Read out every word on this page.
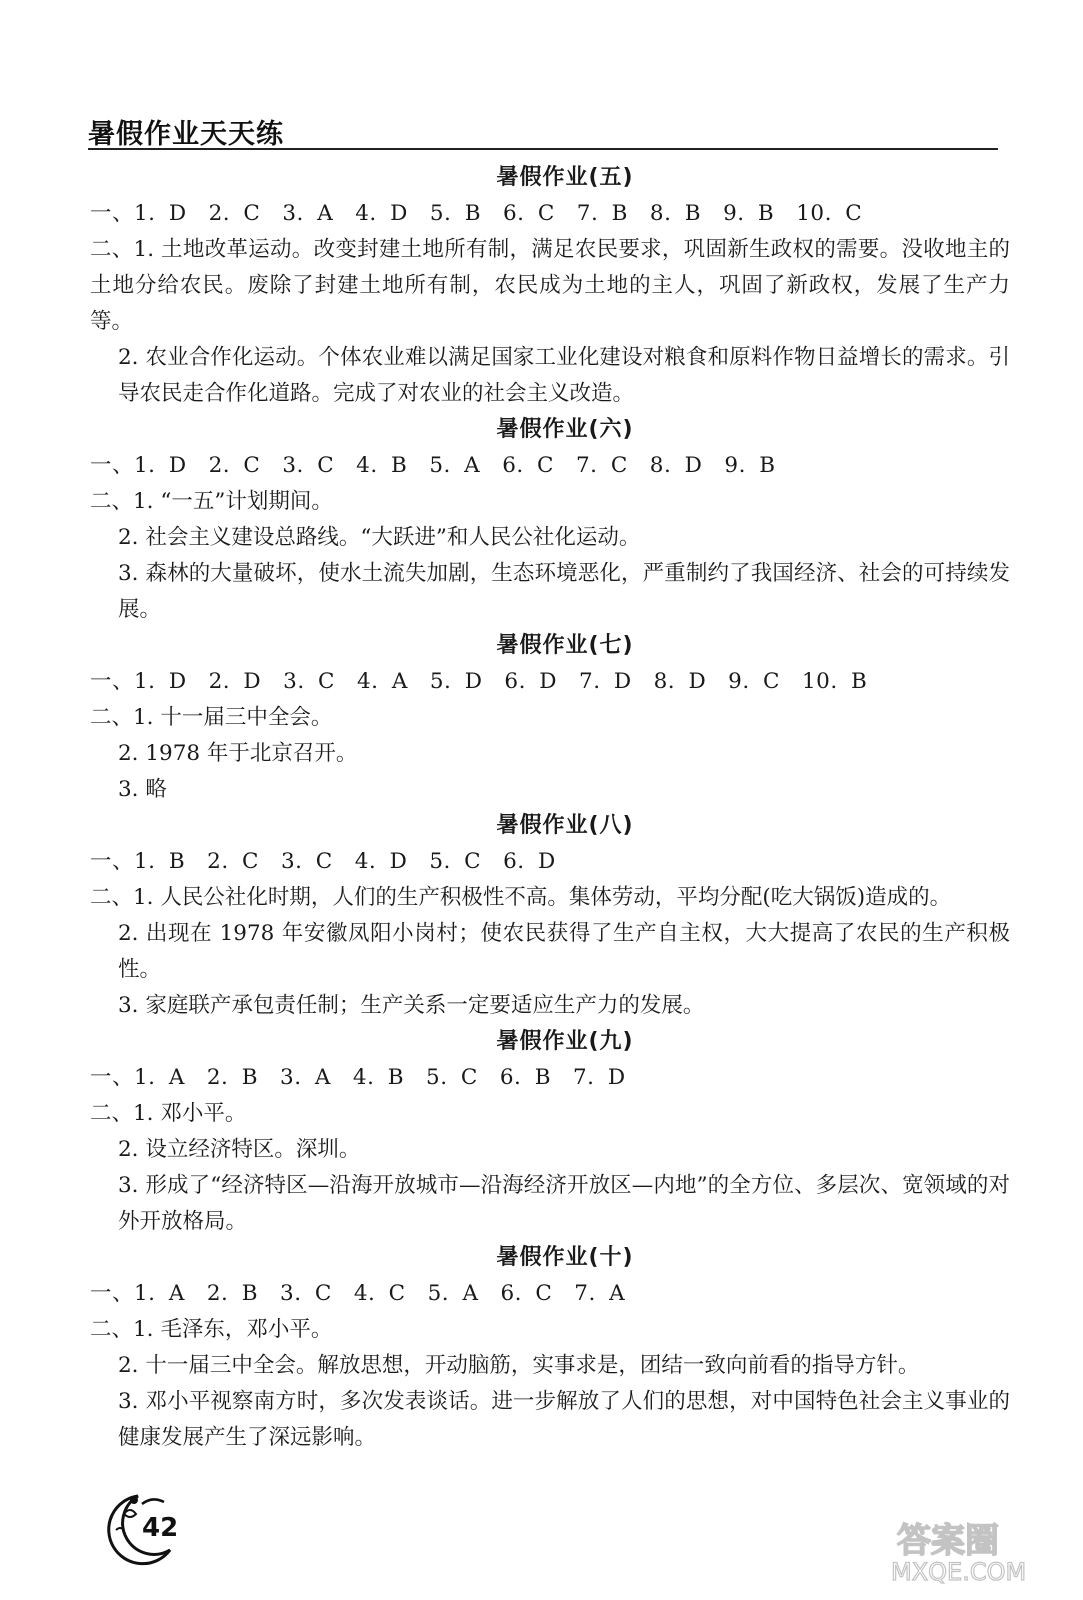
暑假作业天天练
暑假作业(五)
一、1. D　2. C　3. A　4. D　5. B　6. C　7. B　8. B　9. B　10. C
二、1. 土地改革运动。改变封建土地所有制，满足农民要求，巩固新生政权的需要。没收地主的土地分给农民。废除了封建土地所有制，农民成为土地的主人，巩固了新政权，发展了生产力等。
2. 农业合作化运动。个体农业难以满足国家工业化建设对粮食和原料作物日益增长的需求。引导农民走合作化道路。完成了对农业的社会主义改造。
暑假作业(六)
一、1. D　2. C　3. C　4. B　5. A　6. C　7. C　8. D　9. B
二、1. “一五”计划期间。
2. 社会主义建设总路线。“大跃进”和人民公社化运动。
3. 森林的大量破坏，使水土流失加剧，生态环境恶化，严重制约了我国经济、社会的可持续发展。
暑假作业(七)
一、1. D　2. D　3. C　4. A　5. D　6. D　7. D　8. D　9. C　10. B
二、1. 十一届三中全会。
2. 1978 年于北京召开。
3. 略
暑假作业(八)
一、1. B　2. C　3. C　4. D　5. C　6. D
二、1. 人民公社化时期，人们的生产积极性不高。集体劳动，平均分配(吃大锅饭)造成的。
2. 出现在 1978 年安徽凤阳小岗村；使农民获得了生产自主权，大大提高了农民的生产积极性。
3. 家庭联产承包责任制；生产关系一定要适应生产力的发展。
暑假作业(九)
一、1. A　2. B　3. A　4. B　5. C　6. B　7. D
二、1. 邓小平。
2. 设立经济特区。深圳。
3. 形成了“经济特区—沿海开放城市—沿海经济开放区—内地”的全方位、多层次、宽领域的对外开放格局。
暑假作业(十)
一、1. A　2. B　3. C　4. C　5. A　6. C　7. A
二、1. 毛泽东，邓小平。
2. 十一届三中全会。解放思想，开动脑筋，实事求是，团结一致向前看的指导方针。
3. 邓小平视察南方时，多次发表谈话。进一步解放了人们的思想，对中国特色社会主义事业的健康发展产生了深远影响。
42	答案圈
MXQE.COM
